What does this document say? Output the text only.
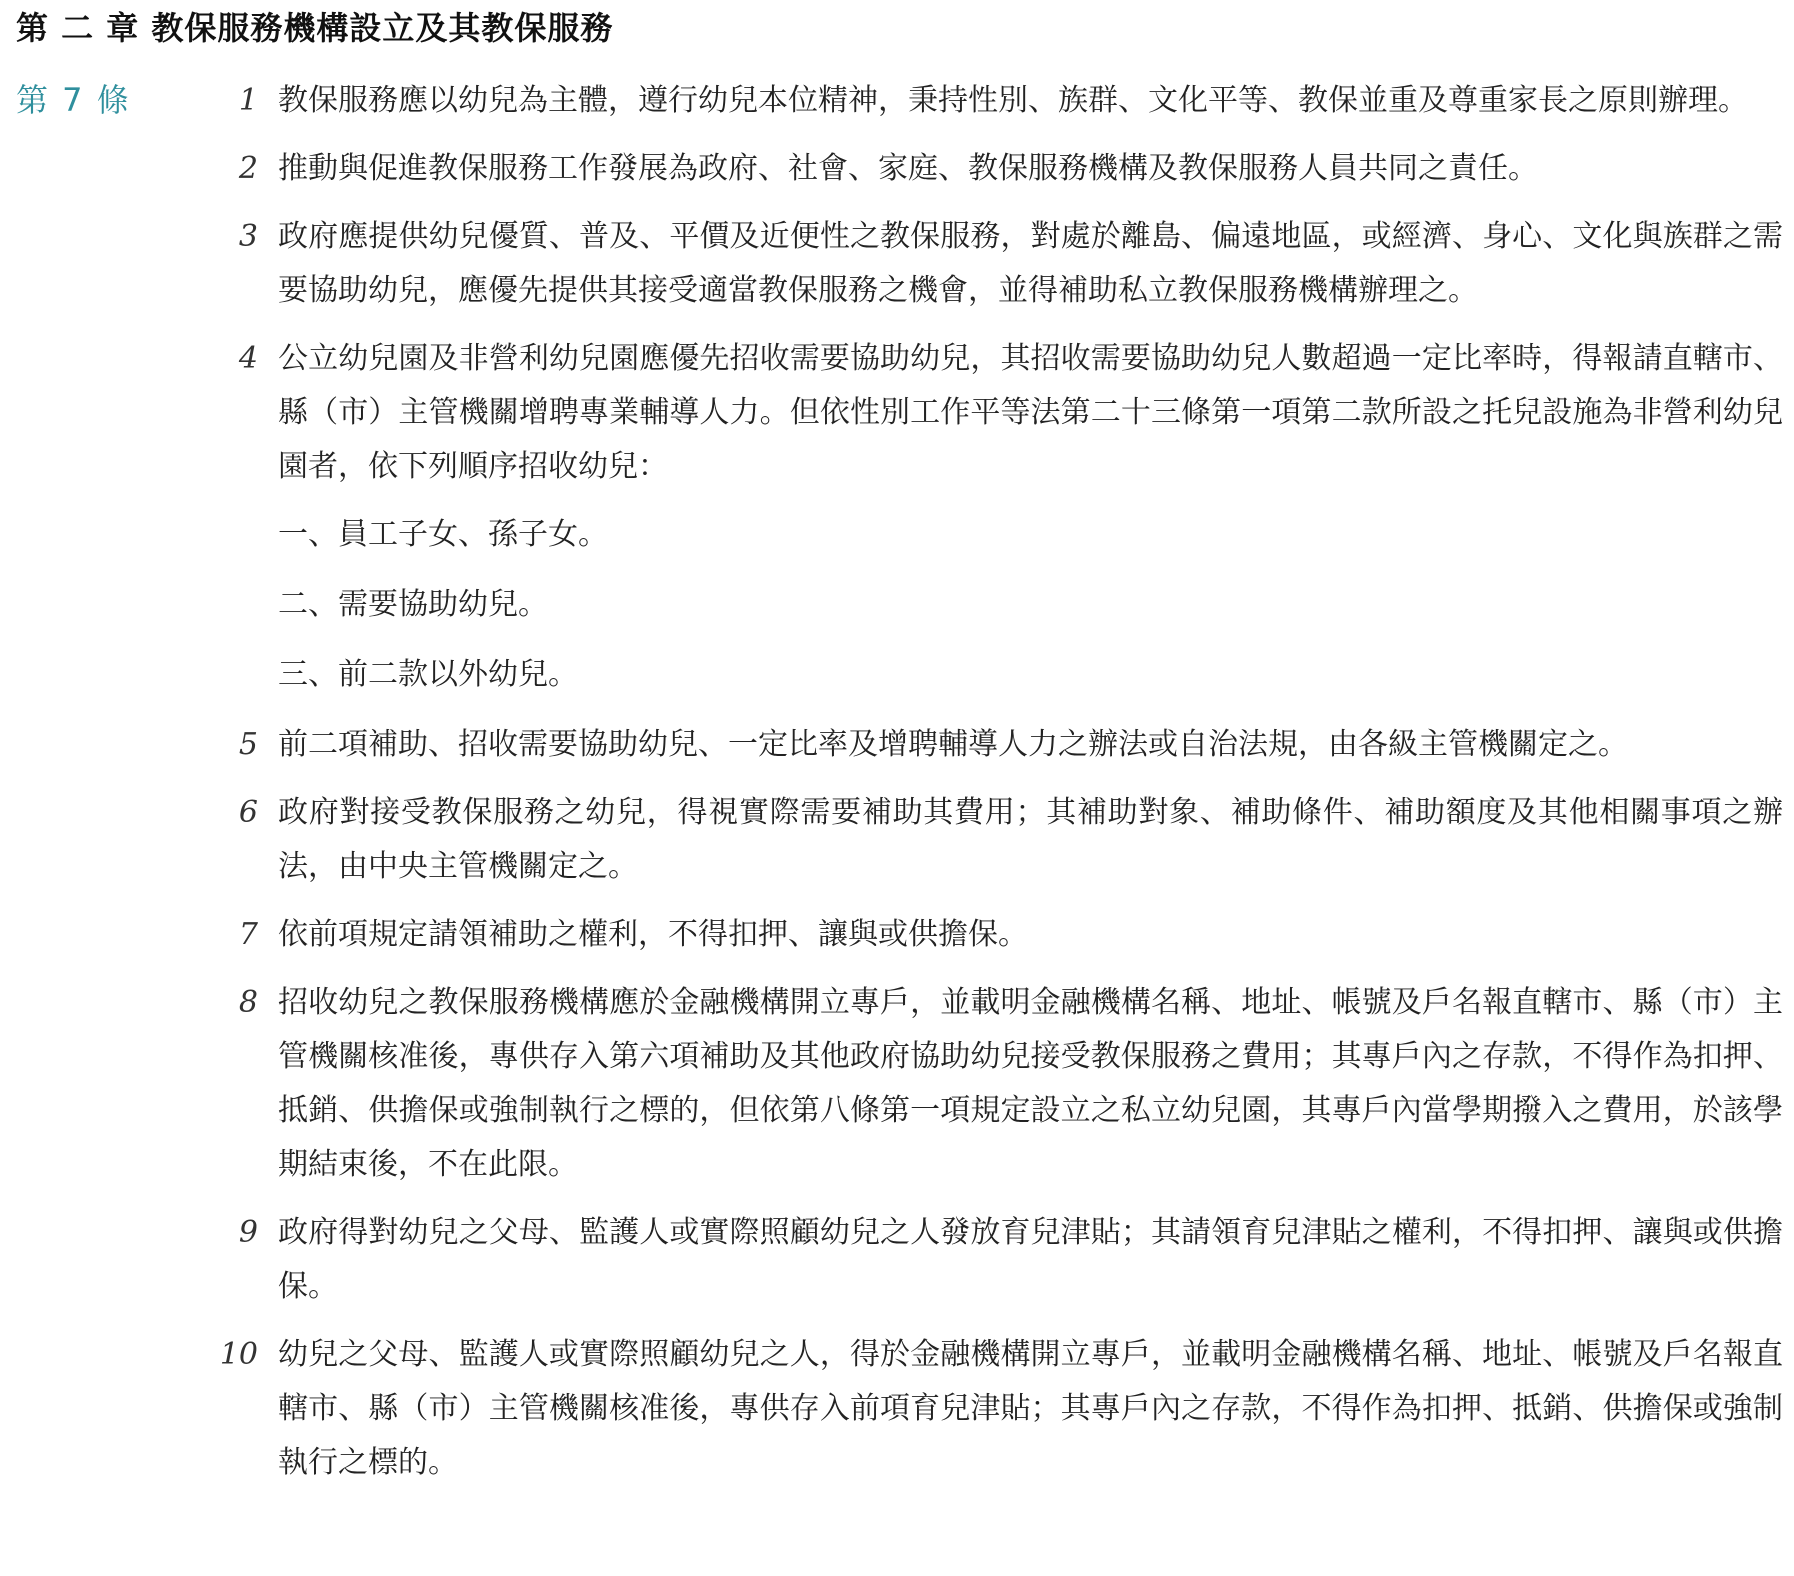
第 二 章 教保服務機構設立及其教保服務
第 7 條	1 教保服務應以幼兒為主體，遵行幼兒本位精神，秉持性別、族群、文化平等、教保並重及尊重家長之原則辦理。
2 推動與促進教保服務工作發展為政府、社會、家庭、教保服務機構及教保服務人員共同之責任。
3 政府應提供幼兒優質、普及、平價及近便性之教保服務，對處於離島、偏遠地區，或經濟、身心、文化與族群之需要協助幼兒，應優先提供其接受適當教保服務之機會，並得補助私立教保服務機構辦理之。
4 公立幼兒園及非營利幼兒園應優先招收需要協助幼兒，其招收需要協助幼兒人數超過一定比率時，得報請直轄市、縣（市）主管機關增聘專業輔導人力。但依性別工作平等法第二十三條第一項第二款所設之托兒設施為非營利幼兒園者，依下列順序招收幼兒：
一、員工子女、孫子女。
二、需要協助幼兒。
三、前二款以外幼兒。
5 前二項補助、招收需要協助幼兒、一定比率及增聘輔導人力之辦法或自治法規，由各級主管機關定之。
6 政府對接受教保服務之幼兒，得視實際需要補助其費用；其補助對象、補助條件、補助額度及其他相關事項之辦法，由中央主管機關定之。
7 依前項規定請領補助之權利，不得扣押、讓與或供擔保。
8 招收幼兒之教保服務機構應於金融機構開立專戶，並載明金融機構名稱、地址、帳號及戶名報直轄市、縣（市）主管機關核准後，專供存入第六項補助及其他政府協助幼兒接受教保服務之費用；其專戶內之存款，不得作為扣押、抵銷、供擔保或強制執行之標的，但依第八條第一項規定設立之私立幼兒園，其專戶內當學期撥入之費用，於該學期結束後，不在此限。
9 政府得對幼兒之父母、監護人或實際照顧幼兒之人發放育兒津貼；其請領育兒津貼之權利，不得扣押、讓與或供擔保。
10 幼兒之父母、監護人或實際照顧幼兒之人，得於金融機構開立專戶，並載明金融機構名稱、地址、帳號及戶名報直轄市、縣（市）主管機關核准後，專供存入前項育兒津貼；其專戶內之存款，不得作為扣押、抵銷、供擔保或強制執行之標的。
